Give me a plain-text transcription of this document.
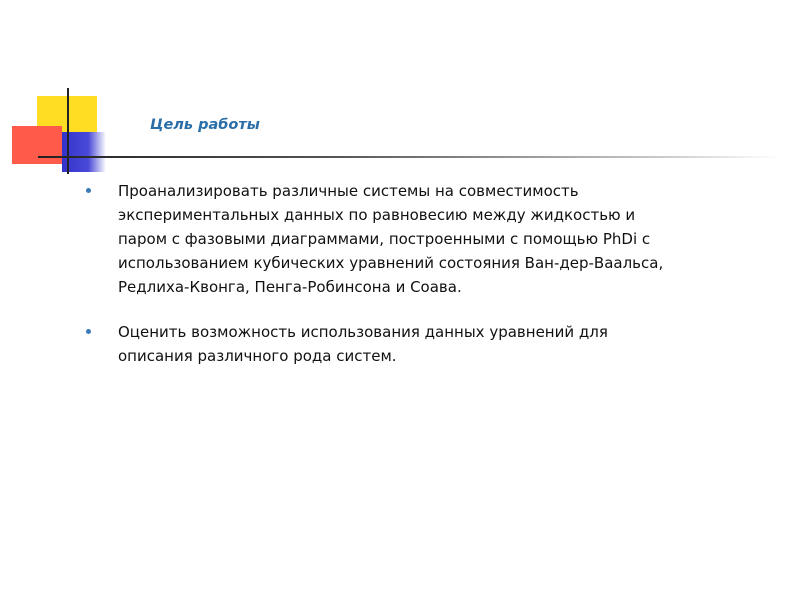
Цель работы
Проанализировать различные системы на совместимость
экспериментальных данных по равновесию между жидкостью и
паром с фазовыми диаграммами, построенными с помощью PhDi с
использованием кубических уравнений состояния Ван-дер-Ваальса,
Редлиха-Квонга, Пенга-Робинсона и Соава.
Оценить возможность использования данных уравнений для
описания различного рода систем.
